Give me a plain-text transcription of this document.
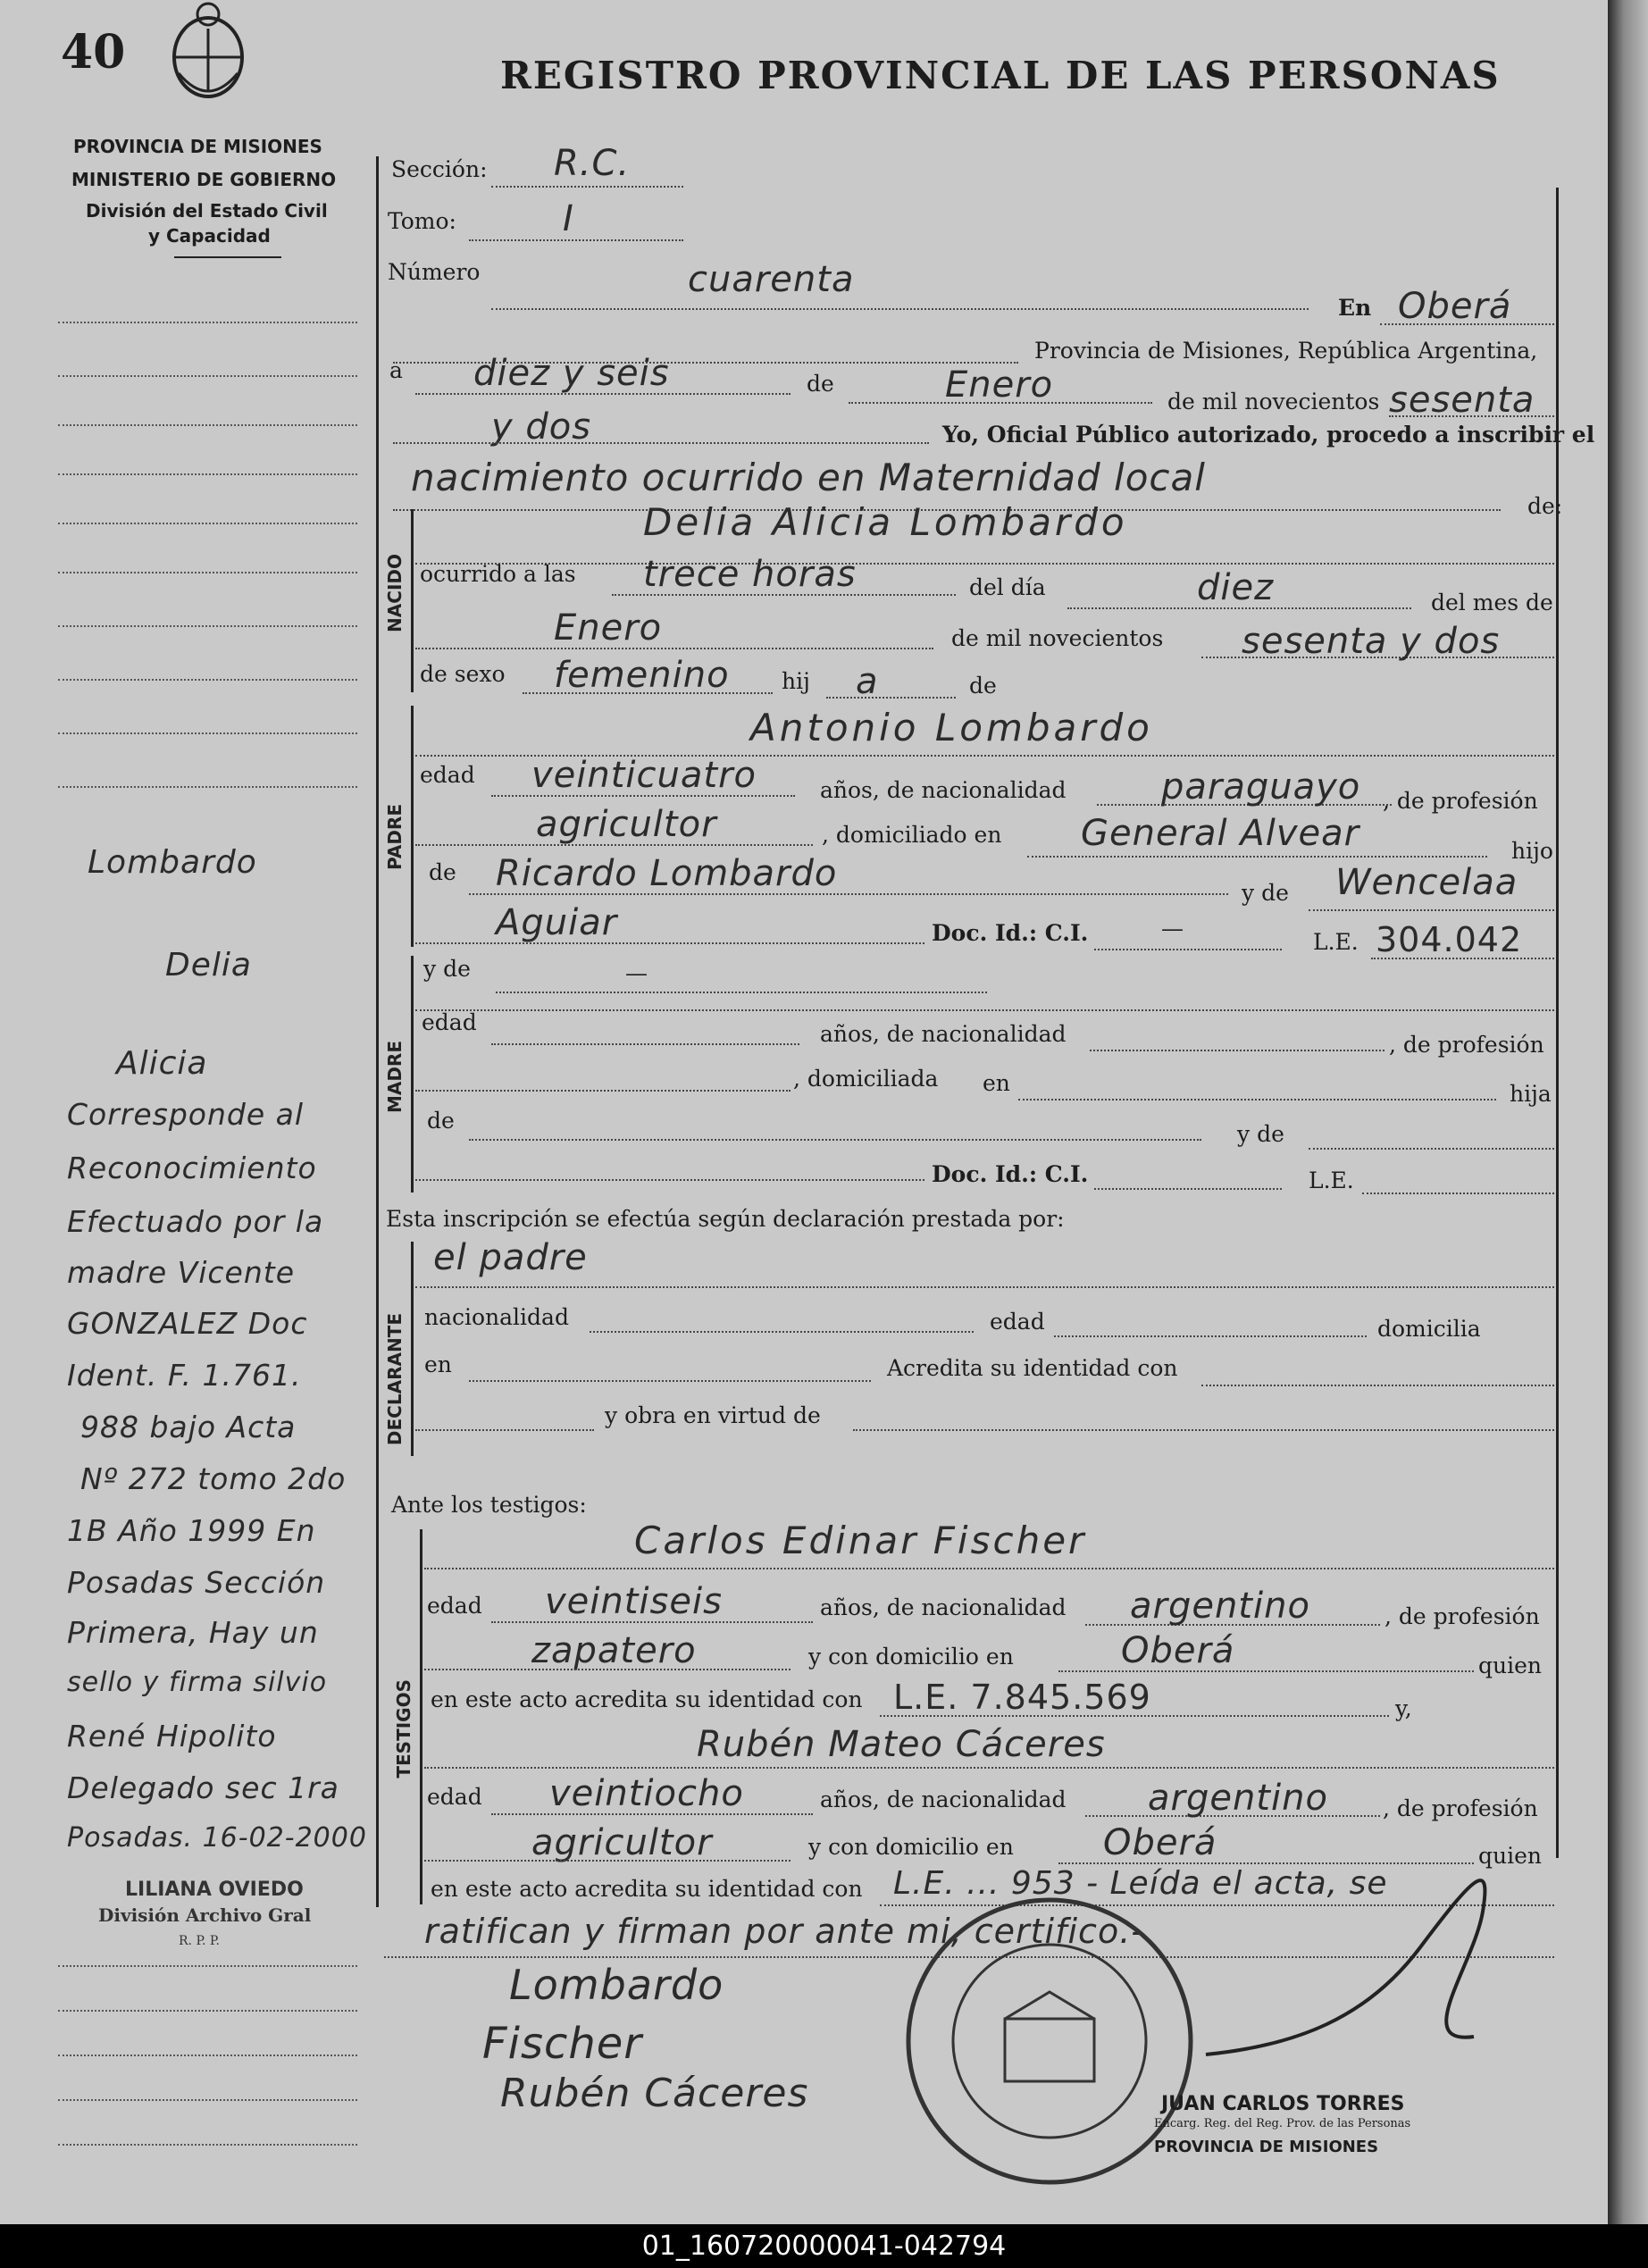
40	REGISTRO PROVINCIAL DE LAS PERSONAS
PROVINCIA DE MISIONES
MINISTERIO DE GOBIERNO
División del Estado Civil
y Capacidad
Lombardo
Delia
Alicia
Corresponde al
Reconocimiento
Efectuado por la
madre Vicente
GONZALEZ Doc
Ident. F. 1.761.
988 bajo Acta
Nº 272 tomo 2do
1B Año 1999 En
Posadas Sección
Primera, Hay un
sello y firma silvio
René Hipolito
Delegado sec 1ra
Posadas. 16-02-2000
LILIANA OVIEDO
División Archivo Gral
R. P. P.
Sección: R.C.
Tomo:	I
Número	cuarenta
En Oberá
Provincia de Misiones, República Argentina,
a diez y seis	de	Enero	de mil novecientos sesenta
y dos	Yo, Oficial Público autorizado, procedo a inscribir el
nacimiento ocurrido en Maternidad local
de:
NACIDO
Delia Alicia Lombardo
ocurrido a las trece horas	del día	diez	del mes de
Enero	de mil novecientos sesenta y dos
de sexo femenino hij a	de
PADRE
Antonio Lombardo
edad veinticuatro	años, de nacionalidad	paraguayo , de profesión
agricultor	, domiciliado en General Alvear	hijo
de Ricardo Lombardo	y de Wencelaa
Aguiar	Doc. Id.: C.I.	—
L.E. 304.042
MADRE
y de	—
edad	años, de nacionalidad	, de profesión
, domiciliada en	hija
de
y de
Doc. Id.: C.I.	L.E.
Esta inscripción se efectúa según declaración prestada por:
DECLARANTE
el padre
nacionalidad	edad	domicilia
en	Acredita su identidad con
y obra en virtud de
Ante los testigos:
TESTIGOS
Carlos Edinar Fischer
edad veintiseis	años, de nacionalidad argentino	, de profesión
zapatero	y con domicilio en	Oberá	quien
en este acto acredita su identidad con L.E. 7.845.569	y,
Rubén Mateo Cáceres
edad veintiocho	años, de nacionalidad argentino , de profesión
agricultor	y con domicilio en	Oberá	quien
en este acto acredita su identidad con L.E. ... 953 - Leída el acta, se
ratifican y firman por ante mi, certifico.-
Lombardo
Fischer
Rubén Cáceres	JUAN CARLOS TORRES
Encarg. Reg. del Reg. Prov. de las Personas
PROVINCIA DE MISIONES
01_160720000041-042794
